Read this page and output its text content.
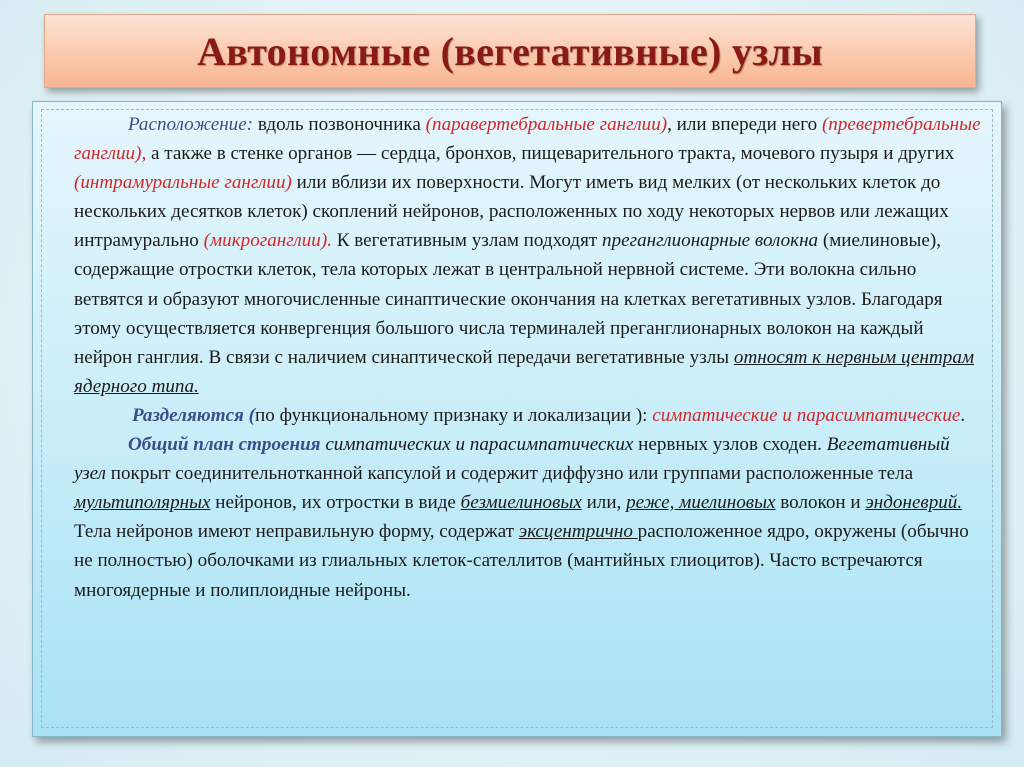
Автономные (вегетативные) узлы

Расположение: вдоль позвоночника (паравертебральные ганглии), или впереди него (превертебральные ганглии), а также в стенке органов — сердца, бронхов, пищеварительного тракта, мочевого пузыря и других (интрамуральные ганглии) или вблизи их поверхности. Могут иметь вид мелких (от нескольких клеток до нескольких десятков клеток) скоплений нейронов, расположенных по ходу некоторых нервов или лежащих интрамурально (микроганглии). К вегетативным узлам подходят преганглионарные волокна (миелиновые), содержащие отростки клеток, тела которых лежат в центральной нервной системе. Эти волокна сильно ветвятся и образуют многочисленные синаптические окончания на клетках вегетативных узлов. Благодаря этому осуществляется конвергенция большого числа терминалей преганглионарных волокон на каждый нейрон ганглия. В связи с наличием синаптической передачи вегетативные узлы относят к нервным центрам ядерного типа.

Разделяются (по функциональному признаку и локализации ): симпатические и парасимпатические.

Общий план строения симпатических и парасимпатических нервных узлов сходен. Вегетативный узел покрыт соединительнотканной капсулой и содержит диффузно или группами расположенные тела мультиполярных нейронов, их отростки в виде безмиелиновых или, реже, миелиновых волокон и эндоневрий. Тела нейронов имеют неправильную форму, содержат эксцентрично расположенное ядро, окружены (обычно не полностью) оболочками из глиальных клеток-сателлитов (мантийных глиоцитов). Часто встречаются многоядерные и полиплоидные нейроны.
